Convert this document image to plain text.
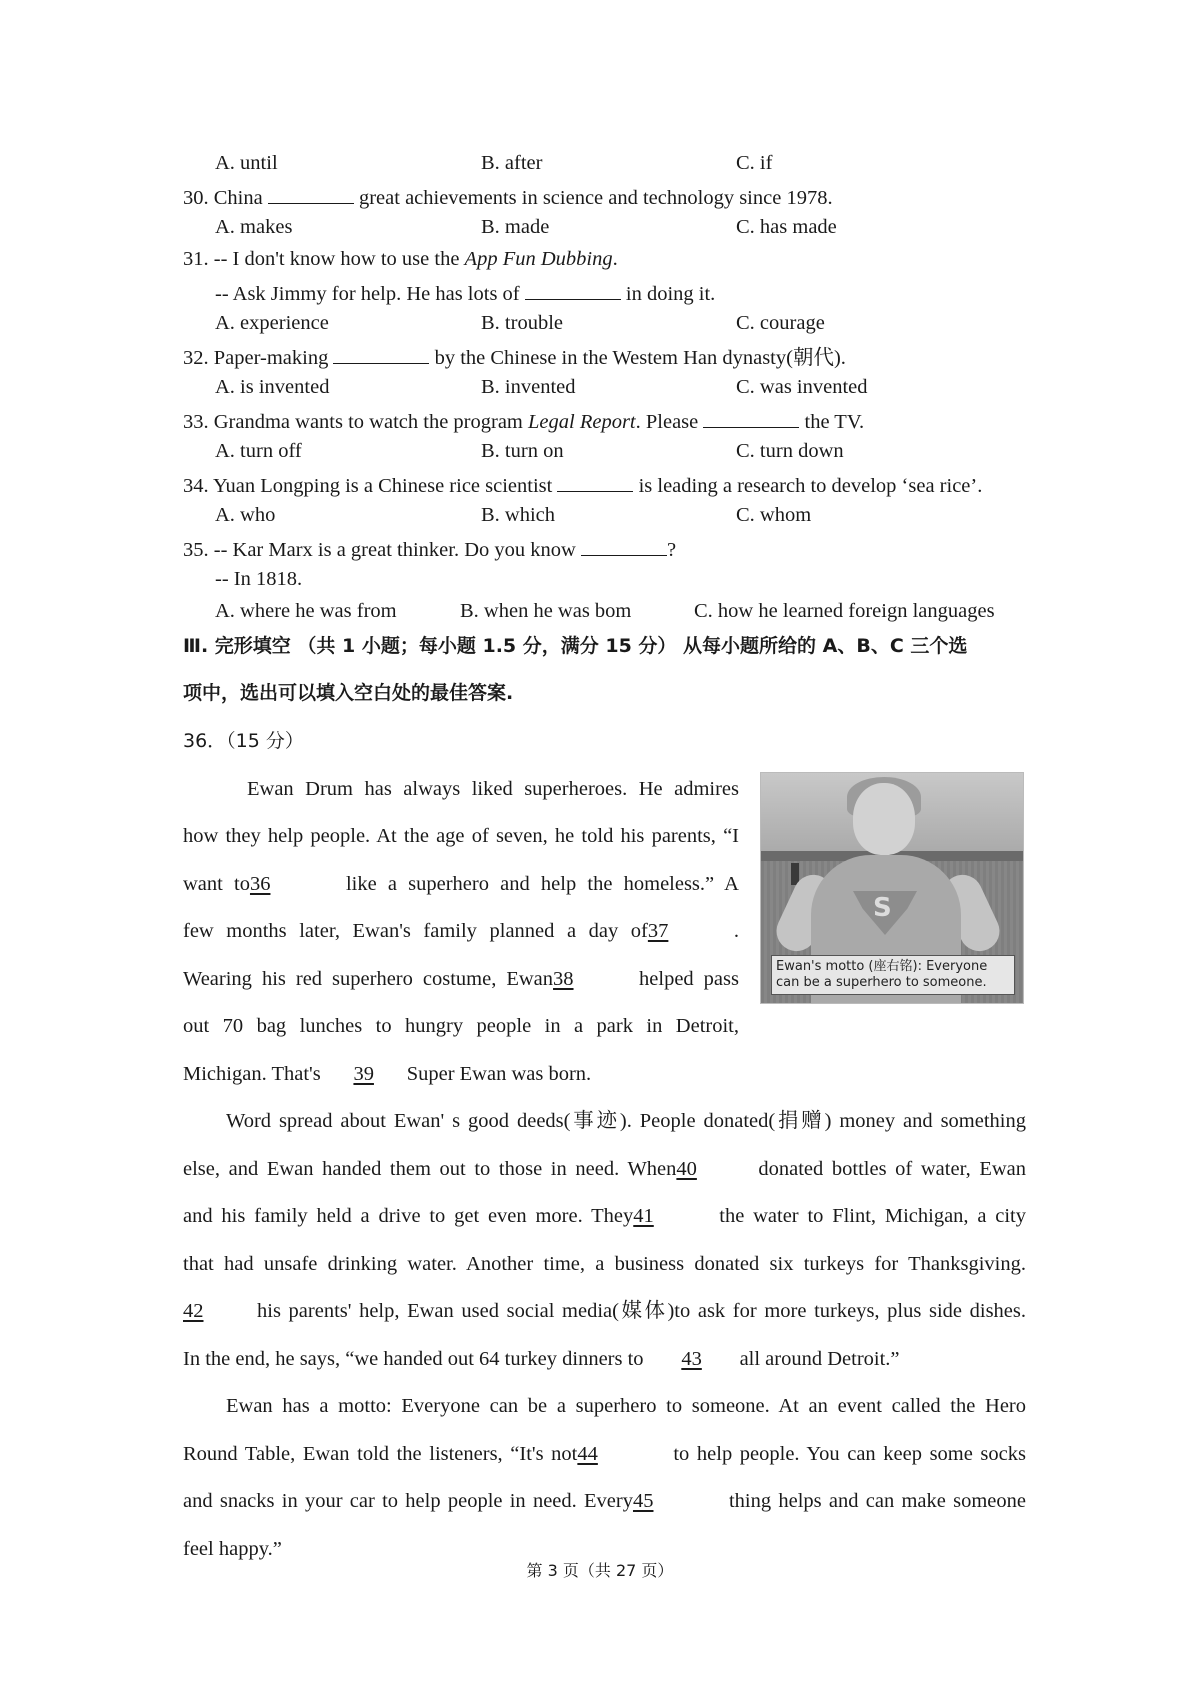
A. until	B. after	C. if
30. China	great achievements in science and technology since 1978.
A. makes	B. made	C. has made
31. -- I don't know how to use the App Fun Dubbing.
-- Ask Jimmy for help. He has lots of	in doing it.
A. experience	B. trouble	C. courage
32. Paper-making	by the Chinese in the Westem Han dynasty(朝代).
A. is invented	B. invented	C. was invented
33. Grandma wants to watch the program Legal Report. Please	the TV.
A. turn off	B. turn on	C. turn down
34. Yuan Longping is a Chinese rice scientist	is leading a research to develop ‘sea rice’.
A. who	B. which	C. whom
35. -- Kar Marx is a great thinker. Do you know	?
-- In 1818.
A. where he was from	B. when he was bom	C. how he learned foreign languages
Ⅲ. 完形填空 （共 1 小题；每小题 1.5 分，满分 15 分） 从每小题所给的 A、B、C 三个选
项中，选出可以填入空白处的最佳答案.
36．（15 分）
S
Ewan's motto (座右铭): Everyone can be a superhero to someone.
Ewan Drum has always liked superheroes. He admires
how they help people. At the age of seven, he told his parents, “I
want to36	like a superhero and help the homeless.” A
few months later, Ewan's family planned a day of37	.
Wearing his red superhero costume, Ewan38	helped pass
out 70 bag lunches to hungry people in a park in Detroit,
Michigan. That's 39 Super Ewan was born.
Word spread about Ewan' s good deeds(事迹). People donated(捐赠) money and something
else, and Ewan handed them out to those in need. When40	donated bottles of water, Ewan
and his family held a drive to get even more. They41	the water to Flint, Michigan, a city
that had unsafe drinking water. Another time, a business donated six turkeys for Thanksgiving.
42	his parents' help, Ewan used social media(媒体)to ask for more turkeys, plus side dishes.
In the end, he says, “we handed out 64 turkey dinners to 43 all around Detroit.”
Ewan has a motto: Everyone can be a superhero to someone. At an event called the Hero
Round Table, Ewan told the listeners, “It's not44	to help people. You can keep some socks
and snacks in your car to help people in need. Every45	thing helps and can make someone
feel happy.”
第 3 页（共 27 页）
